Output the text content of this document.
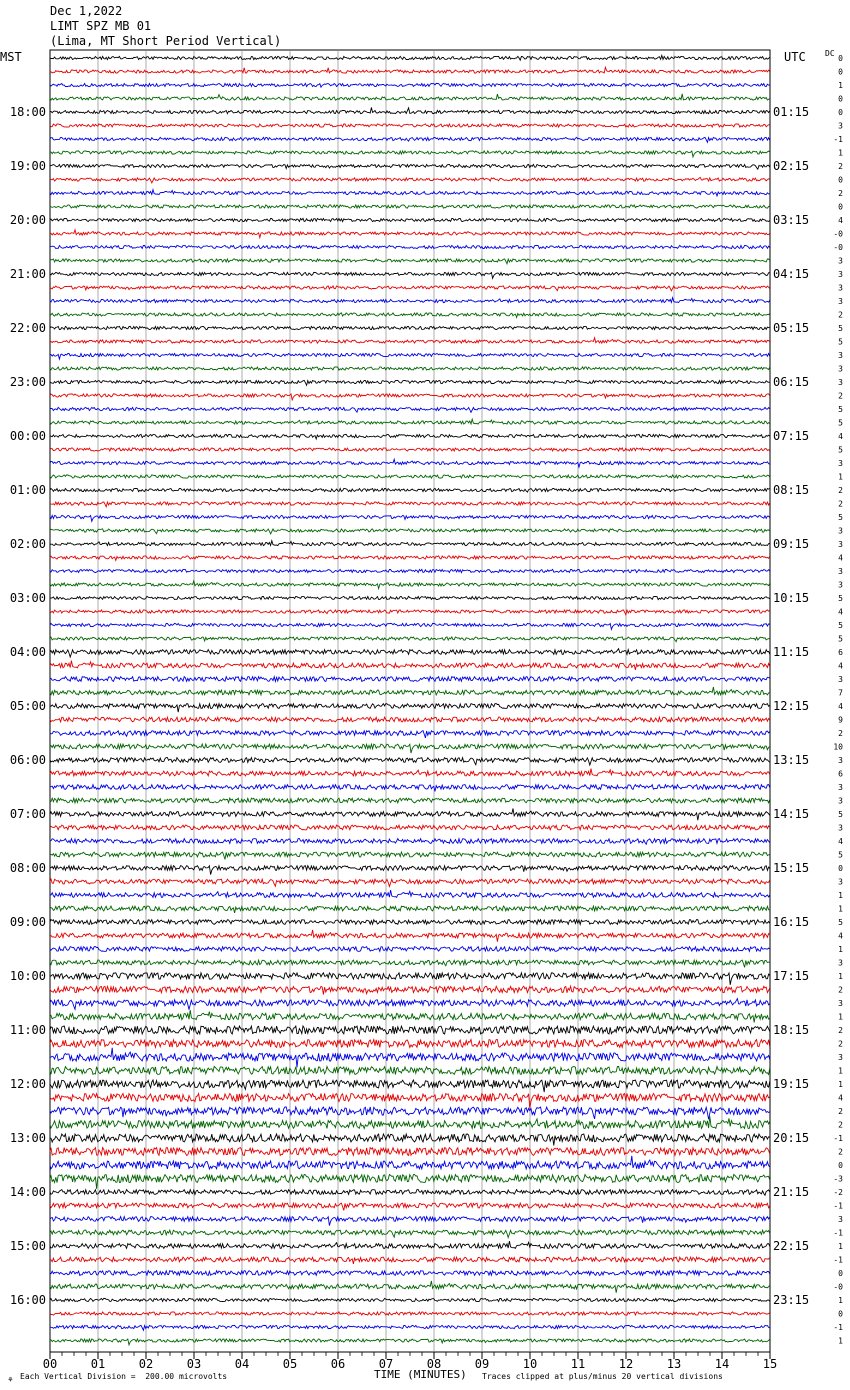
Dec 1,2022
LIMT SPZ MB 01
(Lima, MT Short Period Vertical)
MST	UTC DC
18:00
19:00
20:00
21:00
22:00
23:00
00:00
01:00
02:00
03:00
04:00
05:00
06:00
07:00
08:00
09:00
10:00
11:00
12:00
13:00
14:00
15:00
16:00
01:15
02:15
03:15
04:15
05:15
06:15
07:15
08:15
09:15
10:15
11:15
12:15
13:15
14:15
15:15
16:15
17:15
18:15
19:15
20:15
21:15
22:15
23:15
0
0
1
0
0
3
-1
1
2
0
2
0
4
-0
-0
3
3
3
3
2
5
5
3
3
3
2
5
5
4
5
3
1
2
2
5
3
3
4
3
3
5
4
5
5
6
4
3
7
4
9
2
10
3
6
3
3
5
3
4
5
0
3
1
1
5
4
1
3
1
2
3
1
2
2
3
1
1
4
2
2
-1
2
0
-3
-2
-1
3
-1
1
-1
0
-0
1
0
-1
1
00	01	02	03	04	05	06	07	08	09	10	11	12	13	14	15
⚘ Each Vertical Division =  200.00 microvolts	TIME (MINUTES) Traces clipped at plus/minus 20 vertical divisions
